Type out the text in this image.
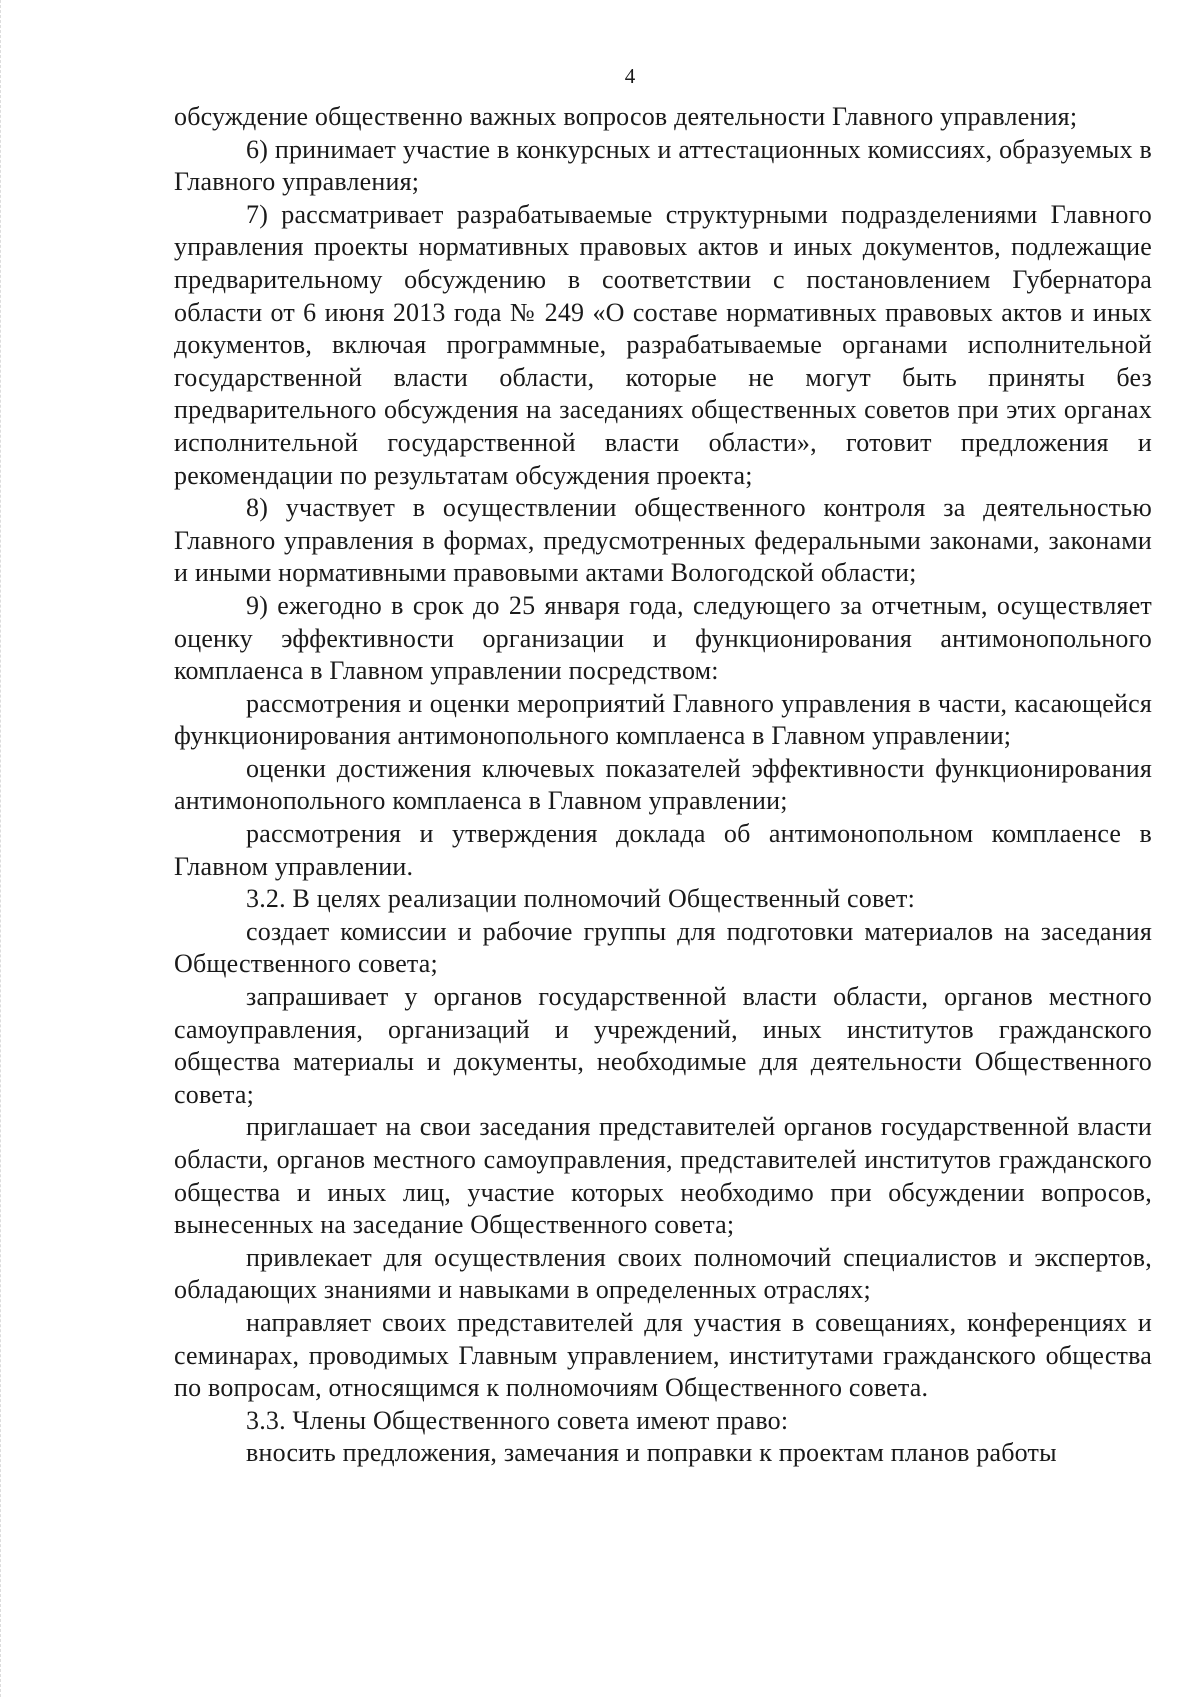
4

обсуждение общественно важных вопросов деятельности Главного управления;

6) принимает участие в конкурсных и аттестационных комиссиях, образуемых в Главного управления;

7) рассматривает разрабатываемые структурными подразделениями Главного управления проекты нормативных правовых актов и иных документов, подлежащие предварительному обсуждению в соответствии с постановлением Губернатора области от 6 июня 2013 года № 249 «О составе нормативных правовых актов и иных документов, включая программные, разрабатываемые органами исполнительной государственной власти области, которые не могут быть приняты без предварительного обсуждения на заседаниях общественных советов при этих органах исполнительной государственной власти области», готовит предложения и рекомендации по результатам обсуждения проекта;

8) участвует в осуществлении общественного контроля за деятельностью Главного управления в формах, предусмотренных федеральными законами, законами и иными нормативными правовыми актами Вологодской области;

9) ежегодно в срок до 25 января года, следующего за отчетным, осуществляет оценку эффективности организации и функционирования антимонопольного комплаенса в Главном управлении посредством:

рассмотрения и оценки мероприятий Главного управления в части, касающейся функционирования антимонопольного комплаенса в Главном управлении;

оценки достижения ключевых показателей эффективности функционирования антимонопольного комплаенса в Главном управлении;

рассмотрения и утверждения доклада об антимонопольном комплаенсе в Главном управлении.

3.2. В целях реализации полномочий Общественный совет:

создает комиссии и рабочие группы для подготовки материалов на заседания Общественного совета;

запрашивает у органов государственной власти области, органов местного самоуправления, организаций и учреждений, иных институтов гражданского общества материалы и документы, необходимые для деятельности Общественного совета;

приглашает на свои заседания представителей органов государственной власти области, органов местного самоуправления, представителей институтов гражданского общества и иных лиц, участие которых необходимо при обсуждении вопросов, вынесенных на заседание Общественного совета;

привлекает для осуществления своих полномочий специалистов и экспертов, обладающих знаниями и навыками в определенных отраслях;

направляет своих представителей для участия в совещаниях, конференциях и семинарах, проводимых Главным управлением, институтами гражданского общества по вопросам, относящимся к полномочиям Общественного совета.

3.3. Члены Общественного совета имеют право:

вносить предложения, замечания и поправки к проектам планов работы
